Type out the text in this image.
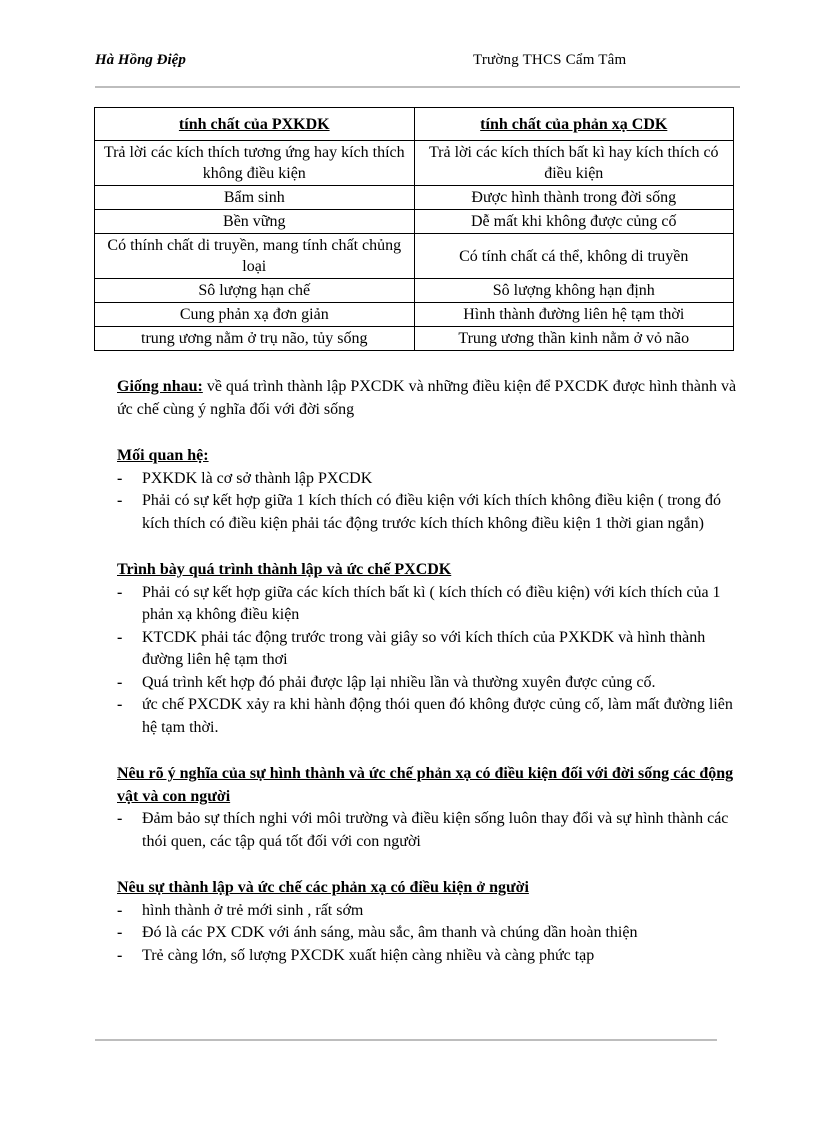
Hà Hồng Điệp	Trường THCS Cẩm Tâm
tính chất của PXKDK	tính chất của phản xạ CDK
Trả lời các kích thích tương ứng hay kích thích không điều kiện	Trả lời các kích thích bất kì hay kích thích có điều kiện
Bẩm sinh	Được hình thành trong đời sống
Bền vững	Dễ mất khi không được củng cố
Có thính chất di truyền, mang tính chất chủng loại	Có tính chất cá thể, không di truyền
Sô lượng hạn chế	Sô lượng không hạn định
Cung phản xạ đơn giản	Hình thành đường liên hệ tạm thời
trung ương nằm ở trụ não, tủy sống	Trung ương thần kinh nằm ở vỏ não

Giống nhau: về quá trình thành lập PXCDK và những điều kiện để PXCDK được hình thành và ức chế cùng ý nghĩa đối với đời sống

Mối quan hệ:
- PXKDK là cơ sở thành lập PXCDK
- Phải có sự kết hợp giữa 1 kích thích có điều kiện với kích thích không điều kiện ( trong đó kích thích có điều kiện phải tác động trước kích thích không điều kiện 1 thời gian ngắn)
Trình bày quá trình thành lập và ức chế PXCDK
- Phải có sự kết hợp giữa các kích thích bất kì ( kích thích có điều kiện) với kích thích của 1 phản xạ không điều kiện
- KTCDK phải tác động trước trong vài giây so với kích thích của PXKDK và hình thành đường liên hệ tạm thơi
- Quá trình kết hợp đó phải được lập lại nhiều lần và thường xuyên được củng cố.
- ức chế PXCDK xảy ra khi hành động thói quen đó không được củng cố, làm mất đường liên hệ tạm thời.
Nêu rõ ý nghĩa của sự hình thành và ức chế phản xạ có điều kiện đối với đời sống các động vật và con người
- Đảm bảo sự thích nghi với môi trường và điều kiện sống luôn thay đổi và sự hình thành các thói quen, các tập quá tốt đối với con người
Nêu sự thành lập và ức chế các phản xạ có điều kiện ở người
- hình thành ở trẻ mới sinh , rất sớm
- Đó là các PX CDK với ánh sáng, màu sắc, âm thanh và chúng dần hoàn thiện
- Trẻ càng lớn, số lượng PXCDK xuất hiện càng nhiều và càng phức tạp
